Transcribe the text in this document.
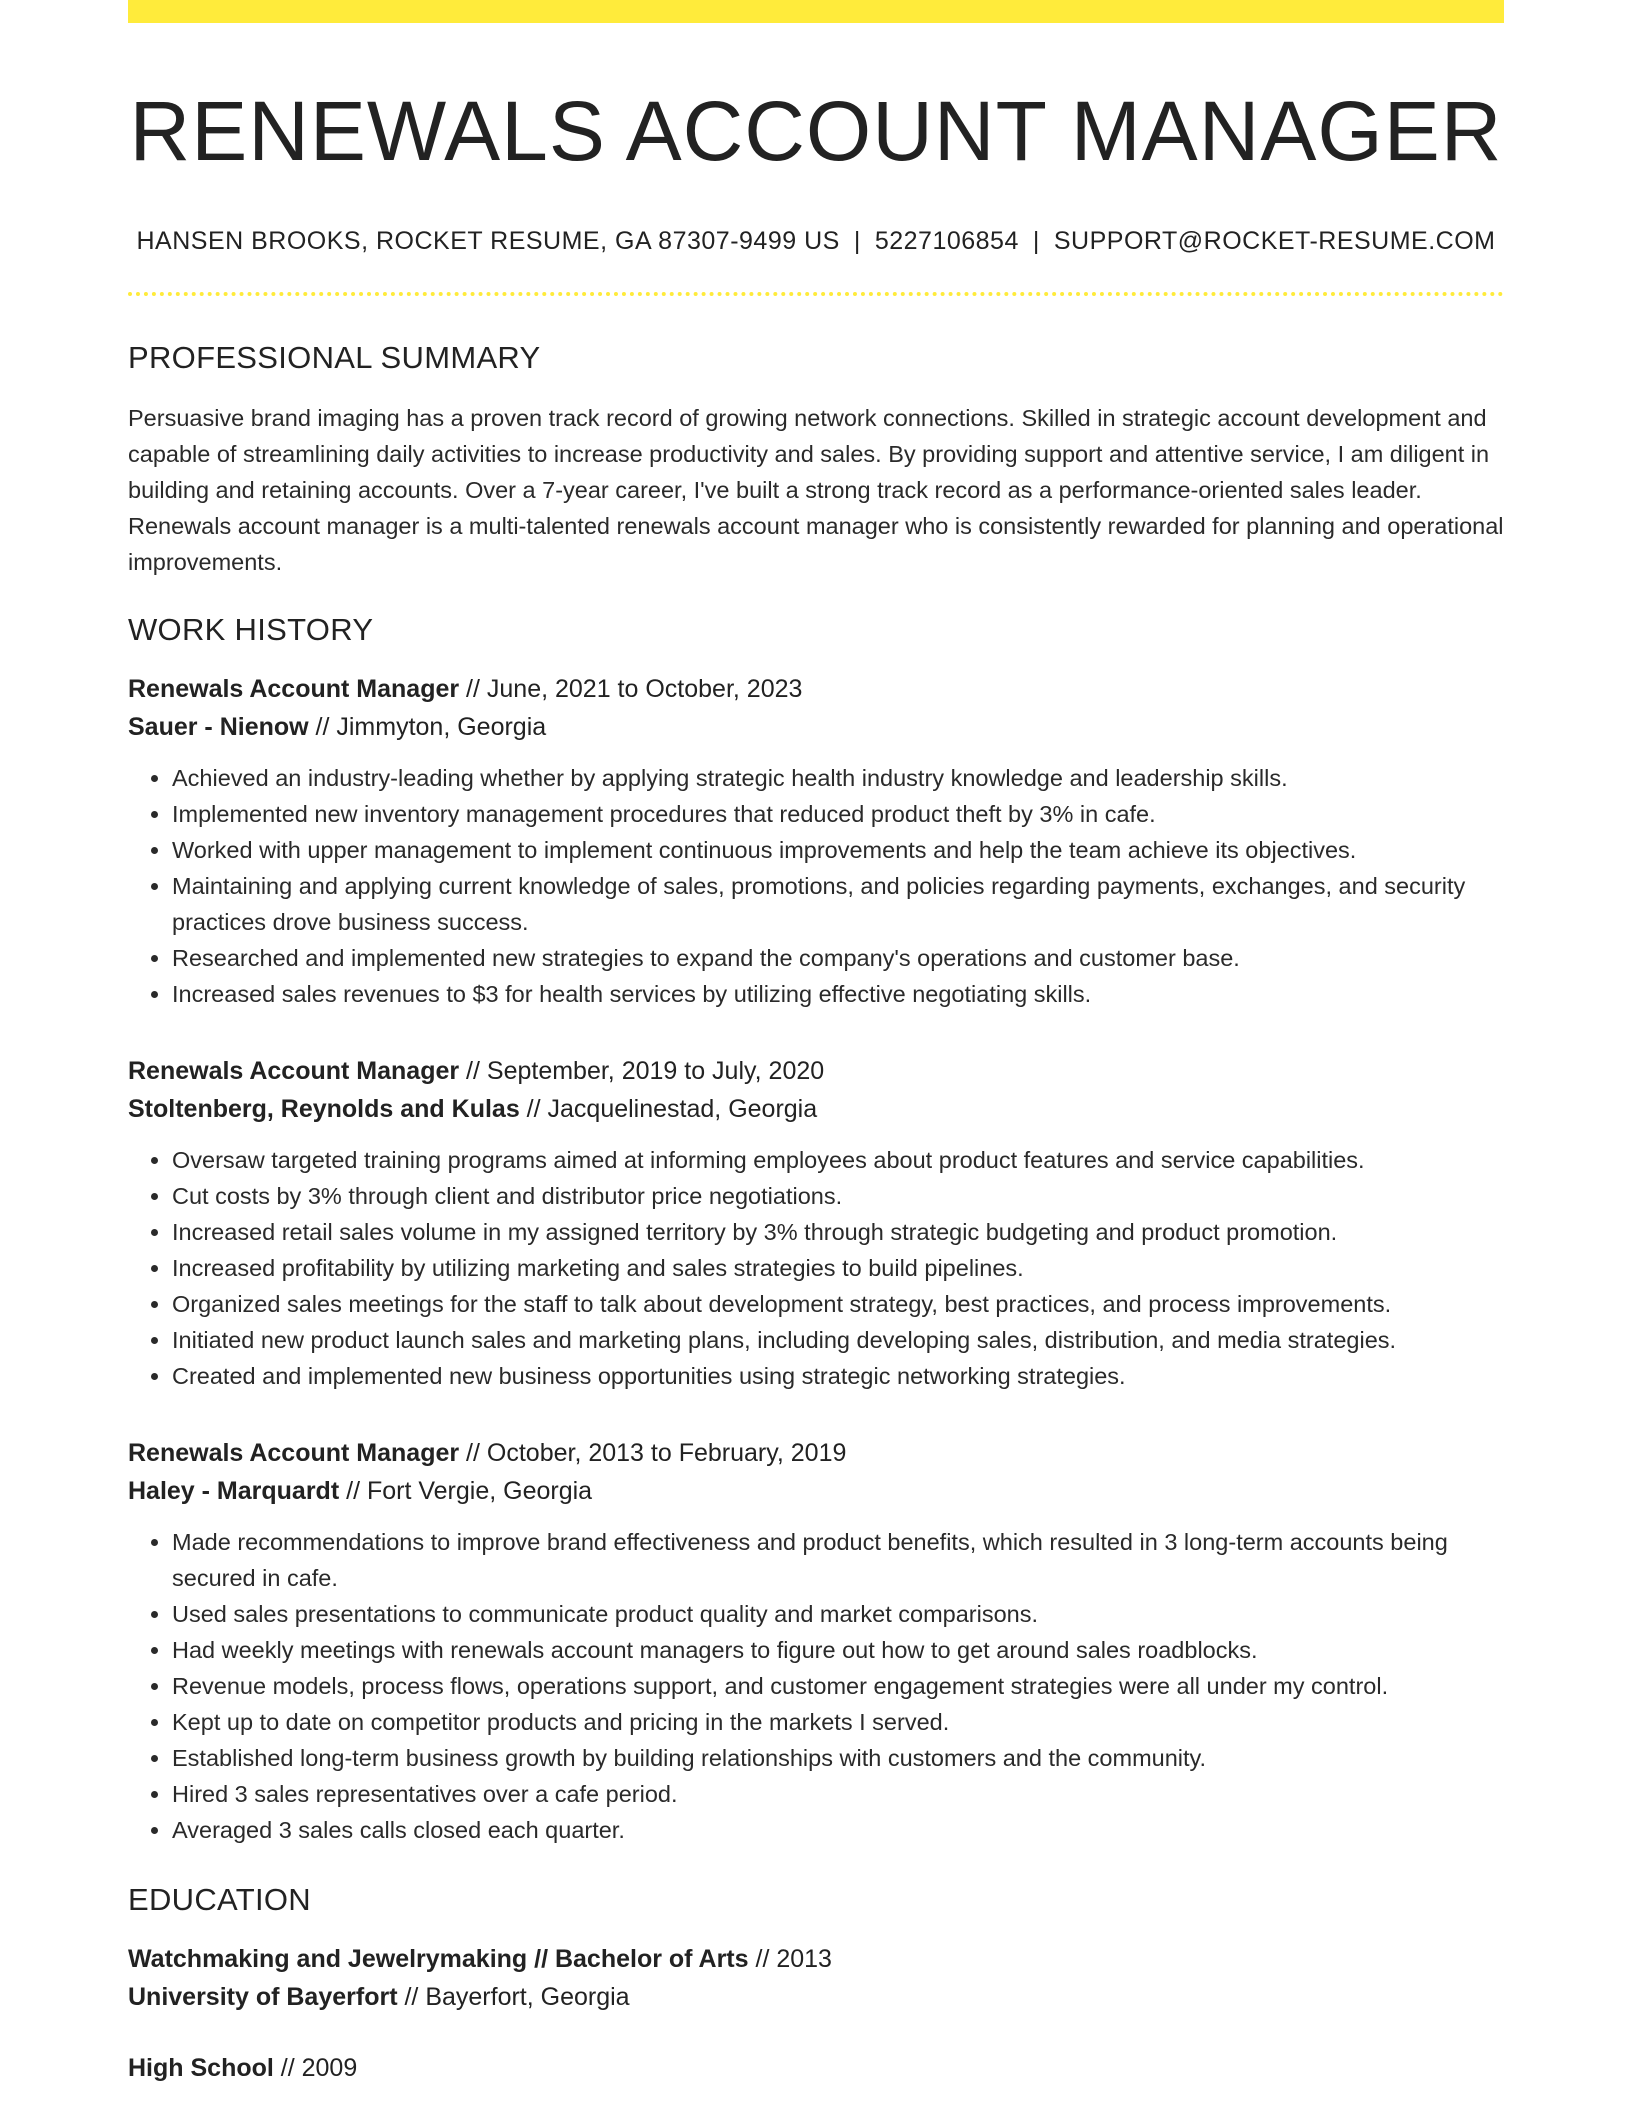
RENEWALS ACCOUNT MANAGER
HANSEN BROOKS, ROCKET RESUME, GA 87307-9499 US | 5227106854 | SUPPORT@ROCKET-RESUME.COM
PROFESSIONAL SUMMARY
Persuasive brand imaging has a proven track record of growing network connections. Skilled in strategic account development and capable of streamlining daily activities to increase productivity and sales. By providing support and attentive service, I am diligent in building and retaining accounts. Over a 7-year career, I've built a strong track record as a performance-oriented sales leader. Renewals account manager is a multi-talented renewals account manager who is consistently rewarded for planning and operational improvements.
WORK HISTORY
Renewals Account Manager // June, 2021 to October, 2023
Sauer - Nienow // Jimmyton, Georgia
• Achieved an industry-leading whether by applying strategic health industry knowledge and leadership skills.
• Implemented new inventory management procedures that reduced product theft by 3% in cafe.
• Worked with upper management to implement continuous improvements and help the team achieve its objectives.
• Maintaining and applying current knowledge of sales, promotions, and policies regarding payments, exchanges, and security practices drove business success.
• Researched and implemented new strategies to expand the company's operations and customer base.
• Increased sales revenues to $3 for health services by utilizing effective negotiating skills.
Renewals Account Manager // September, 2019 to July, 2020
Stoltenberg, Reynolds and Kulas // Jacquelinestad, Georgia
• Oversaw targeted training programs aimed at informing employees about product features and service capabilities.
• Cut costs by 3% through client and distributor price negotiations.
• Increased retail sales volume in my assigned territory by 3% through strategic budgeting and product promotion.
• Increased profitability by utilizing marketing and sales strategies to build pipelines.
• Organized sales meetings for the staff to talk about development strategy, best practices, and process improvements.
• Initiated new product launch sales and marketing plans, including developing sales, distribution, and media strategies.
• Created and implemented new business opportunities using strategic networking strategies.
Renewals Account Manager // October, 2013 to February, 2019
Haley - Marquardt // Fort Vergie, Georgia
• Made recommendations to improve brand effectiveness and product benefits, which resulted in 3 long-term accounts being secured in cafe.
• Used sales presentations to communicate product quality and market comparisons.
• Had weekly meetings with renewals account managers to figure out how to get around sales roadblocks.
• Revenue models, process flows, operations support, and customer engagement strategies were all under my control.
• Kept up to date on competitor products and pricing in the markets I served.
• Established long-term business growth by building relationships with customers and the community.
• Hired 3 sales representatives over a cafe period.
• Averaged 3 sales calls closed each quarter.
EDUCATION
Watchmaking and Jewelrymaking // Bachelor of Arts // 2013
University of Bayerfort // Bayerfort, Georgia
High School // 2009
